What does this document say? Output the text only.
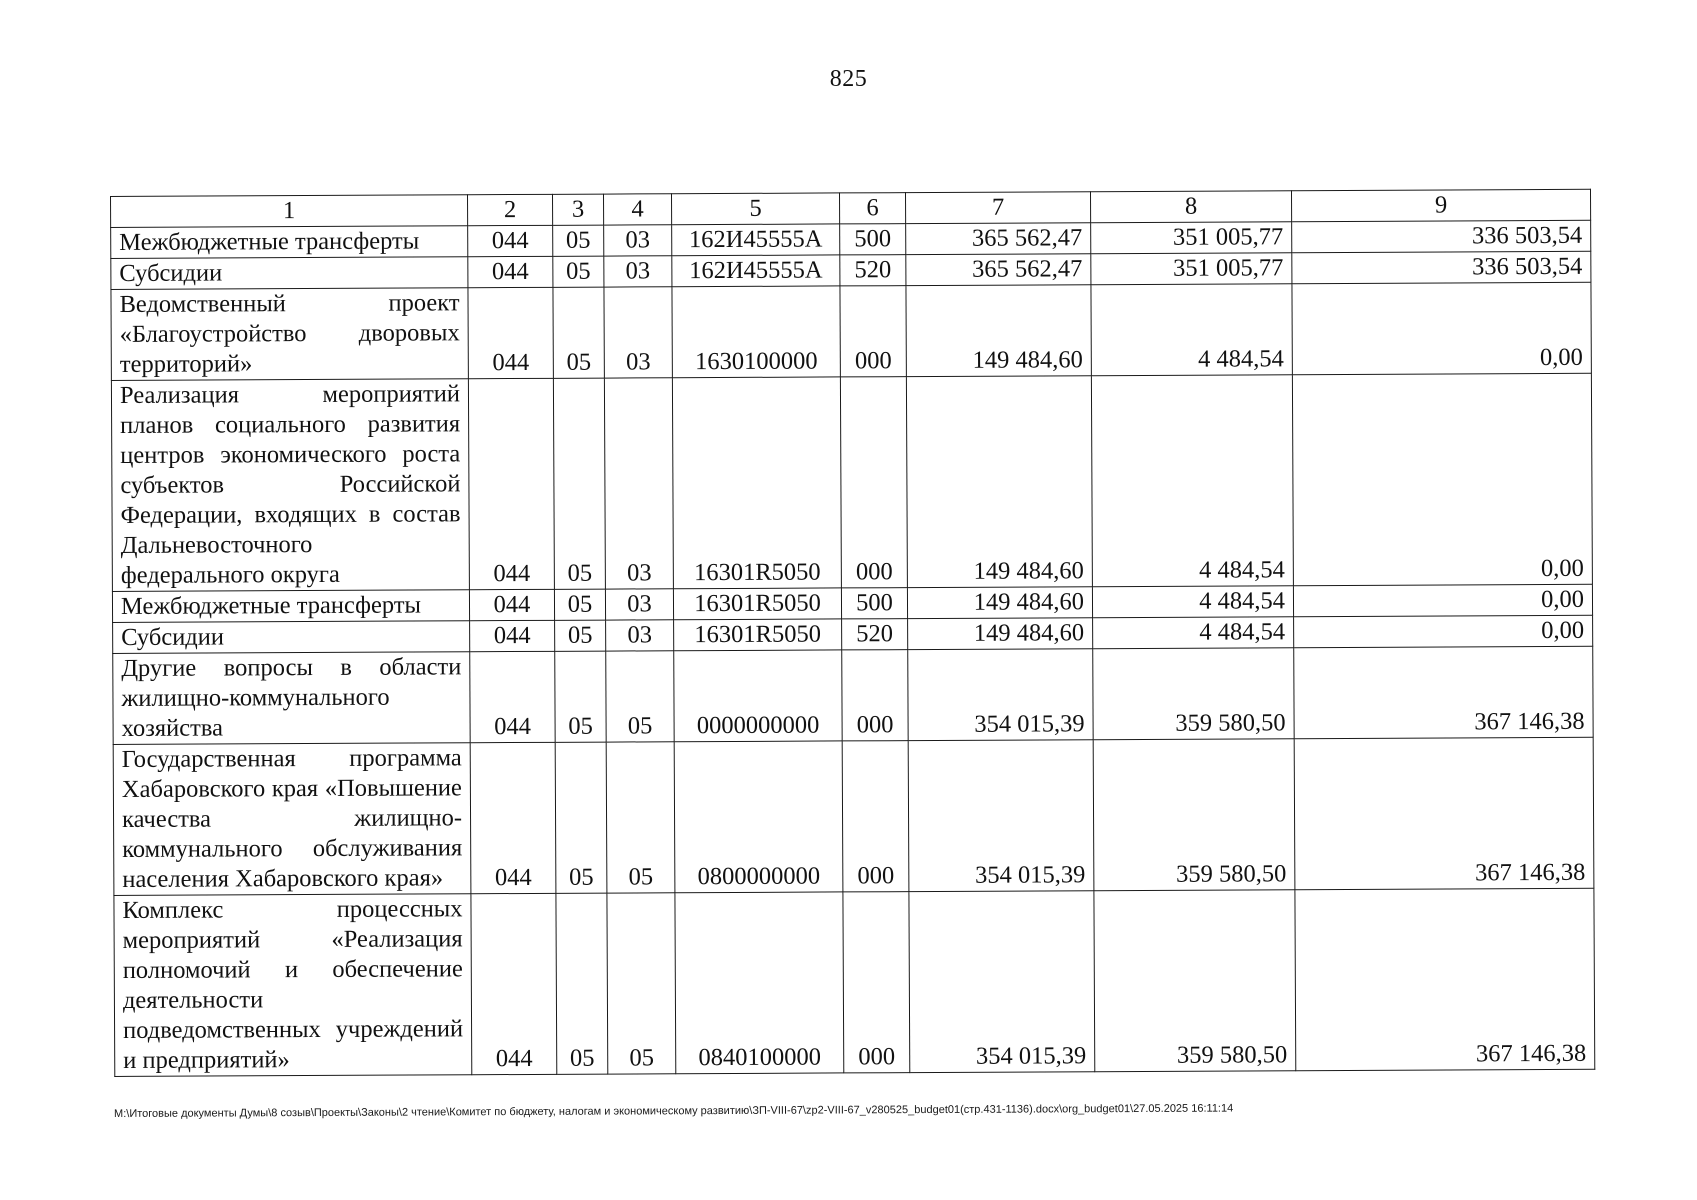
825
1	2	3	4	5	6	7	8	9
Межбюджетные трансферты	044	05	03	162И45555А	500	365 562,47	351 005,77	336 503,54
Субсидии	044	05	03	162И45555А	520	365 562,47	351 005,77	336 503,54
Ведомственный проект «Благоустройство дворовых территорий»	044	05	03	1630100000	000	149 484,60	4 484,54	0,00
Реализация мероприятий планов социального развития центров экономического роста субъектов Российской Федерации, входящих в состав Дальневосточного федерального округа	044	05	03	16301R5050	000	149 484,60	4 484,54	0,00
Межбюджетные трансферты	044	05	03	16301R5050	500	149 484,60	4 484,54	0,00
Субсидии	044	05	03	16301R5050	520	149 484,60	4 484,54	0,00
Другие вопросы в области жилищно-коммунального хозяйства	044	05	05	0000000000	000	354 015,39	359 580,50	367 146,38
Государственная программа Хабаровского края «Повышение качества жилищно-коммунального обслуживания населения Хабаровского края»	044	05	05	0800000000	000	354 015,39	359 580,50	367 146,38
Комплекс процессных мероприятий «Реализация полномочий и обеспечение деятельности подведомственных учреждений и предприятий»	044	05	05	0840100000	000	354 015,39	359 580,50	367 146,38
M:\Итоговые документы Думы\8 созыв\Проекты\Законы\2 чтение\Комитет по бюджету, налогам и экономическому развитию\ЗП-VIII-67\zp2-VIII-67_v280525_budget01(стр.431-1136).docx\org_budget01\27.05.2025 16:11:14
